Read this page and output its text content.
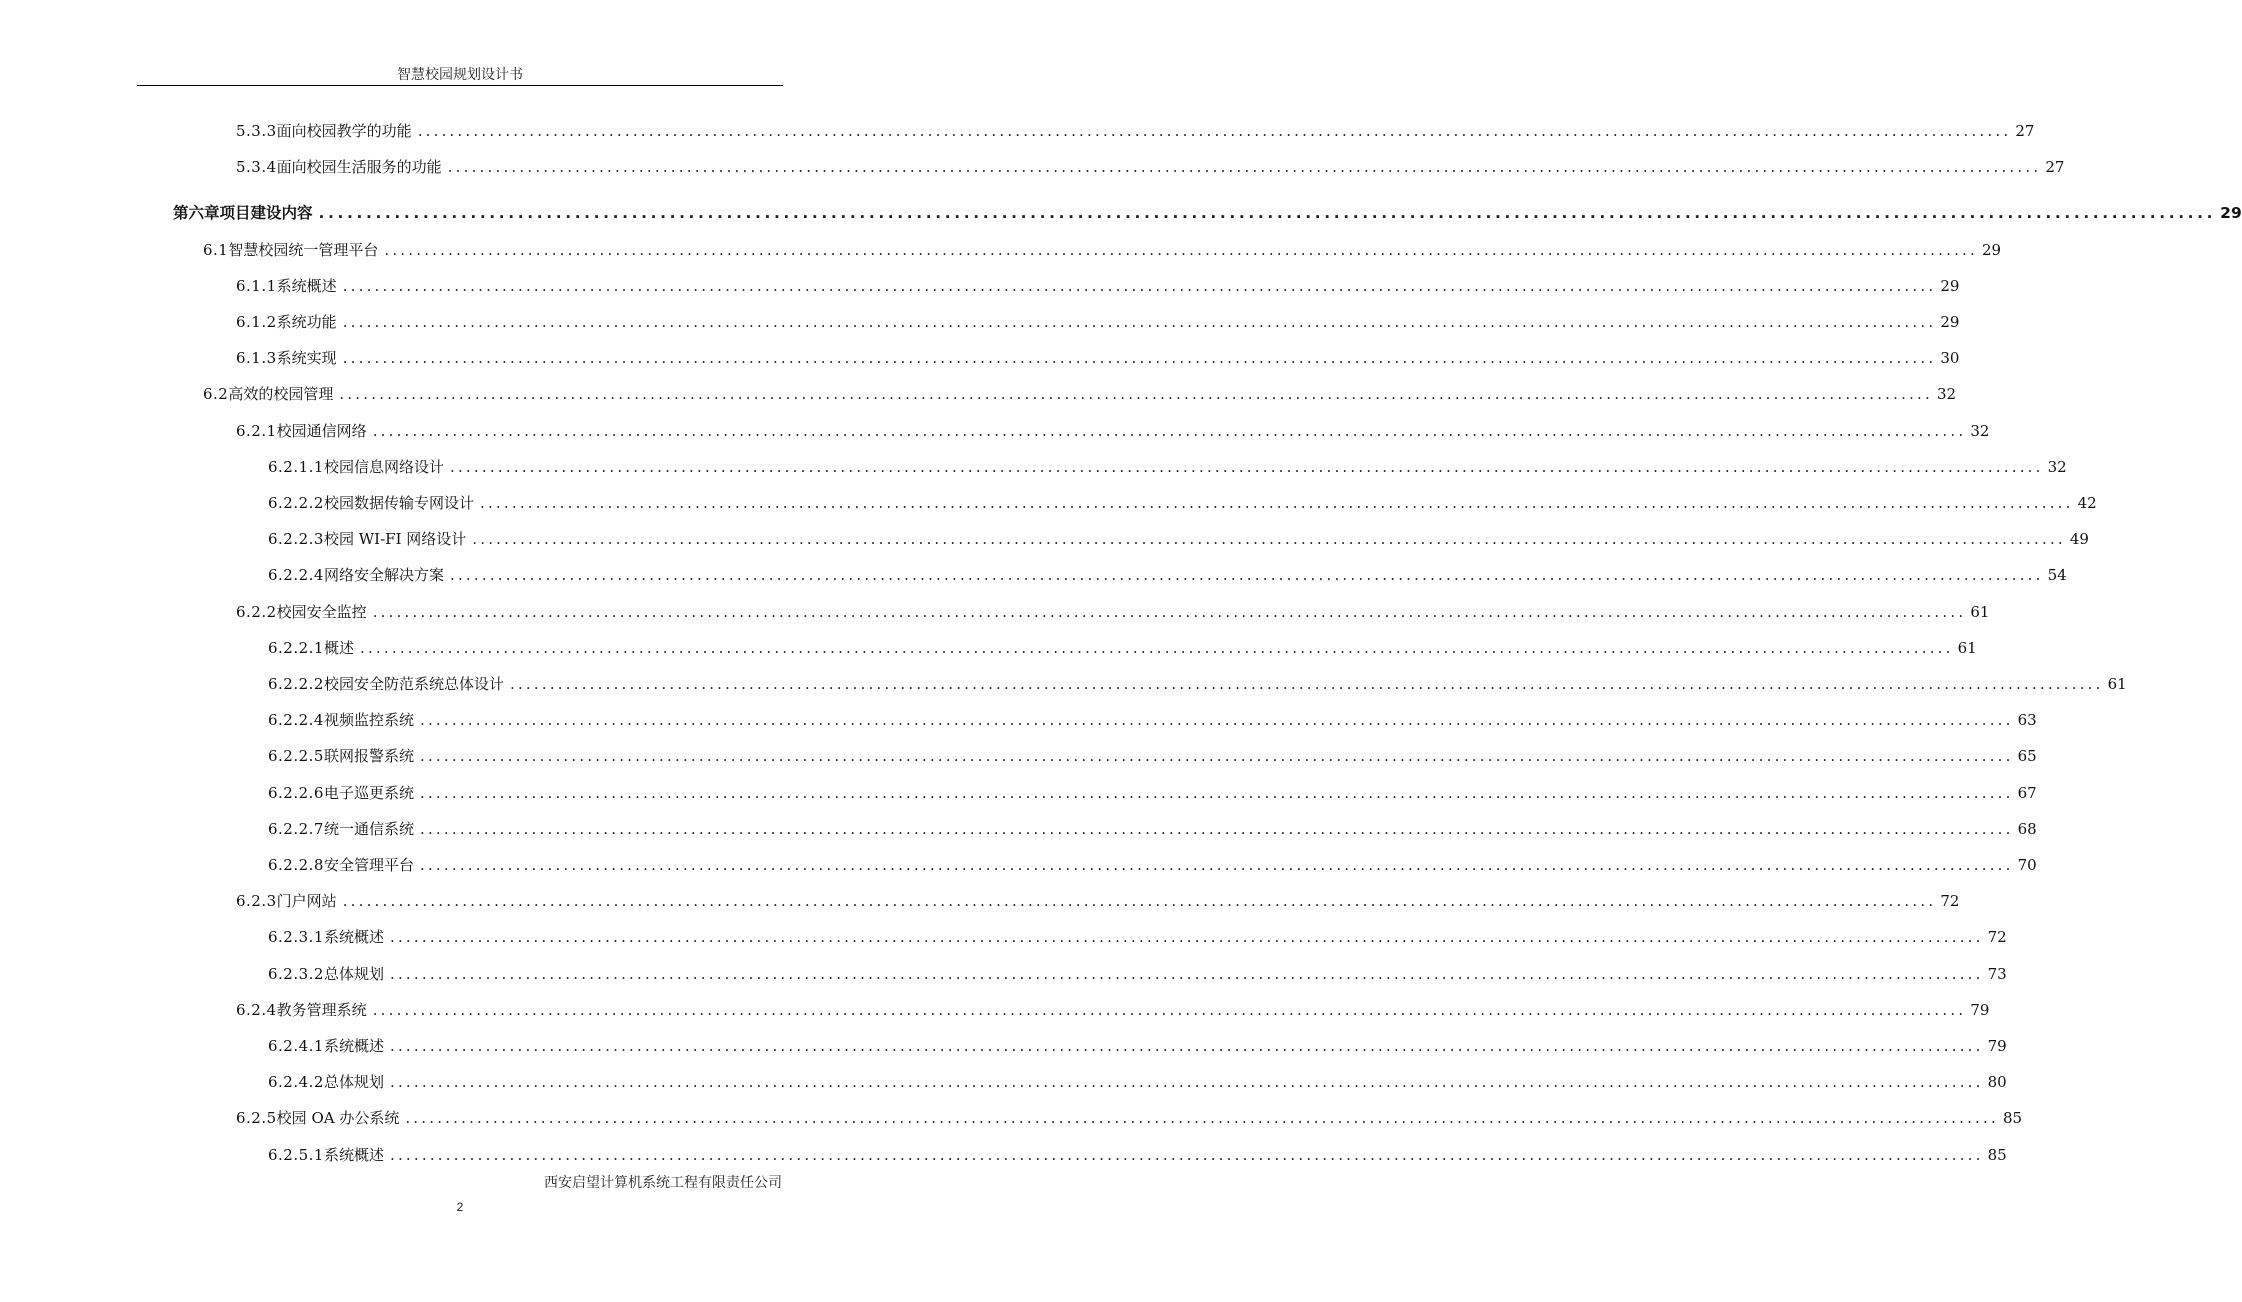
智慧校园规划设计书
5.3.3 面向校园教学的功能 ........................................................................................................................................................................................................ 27
5.3.4 面向校园生活服务的功能 ........................................................................................................................................................................................................ 27
第六章项目建设内容 ........................................................................................................................................................................................................ 29
6.1 智慧校园统一管理平台 ........................................................................................................................................................................................................ 29
6.1.1 系统概述 ........................................................................................................................................................................................................ 29
6.1.2 系统功能 ........................................................................................................................................................................................................ 29
6.1.3 系统实现 ........................................................................................................................................................................................................ 30
6.2 高效的校园管理 ........................................................................................................................................................................................................ 32
6.2.1 校园通信网络 ........................................................................................................................................................................................................ 32
6.2.1.1 校园信息网络设计 ........................................................................................................................................................................................................ 32
6.2.2.2 校园数据传输专网设计 ........................................................................................................................................................................................................ 42
6.2.2.3 校园 WI-FI 网络设计 ........................................................................................................................................................................................................ 49
6.2.2.4 网络安全解决方案 ........................................................................................................................................................................................................ 54
6.2.2 校园安全监控 ........................................................................................................................................................................................................ 61
6.2.2.1 概述 ........................................................................................................................................................................................................ 61
6.2.2.2 校园安全防范系统总体设计 ........................................................................................................................................................................................................ 61
6.2.2.4 视频监控系统 ........................................................................................................................................................................................................ 63
6.2.2.5 联网报警系统 ........................................................................................................................................................................................................ 65
6.2.2.6 电子巡更系统 ........................................................................................................................................................................................................ 67
6.2.2.7 统一通信系统 ........................................................................................................................................................................................................ 68
6.2.2.8 安全管理平台 ........................................................................................................................................................................................................ 70
6.2.3 门户网站 ........................................................................................................................................................................................................ 72
6.2.3.1 系统概述 ........................................................................................................................................................................................................ 72
6.2.3.2 总体规划 ........................................................................................................................................................................................................ 73
6.2.4 教务管理系统 ........................................................................................................................................................................................................ 79
6.2.4.1 系统概述 ........................................................................................................................................................................................................ 79
6.2.4.2 总体规划 ........................................................................................................................................................................................................ 80
6.2.5 校园 OA 办公系统 ........................................................................................................................................................................................................ 85
6.2.5.1 系统概述 ........................................................................................................................................................................................................ 85
西安启望计算机系统工程有限责任公司
2
